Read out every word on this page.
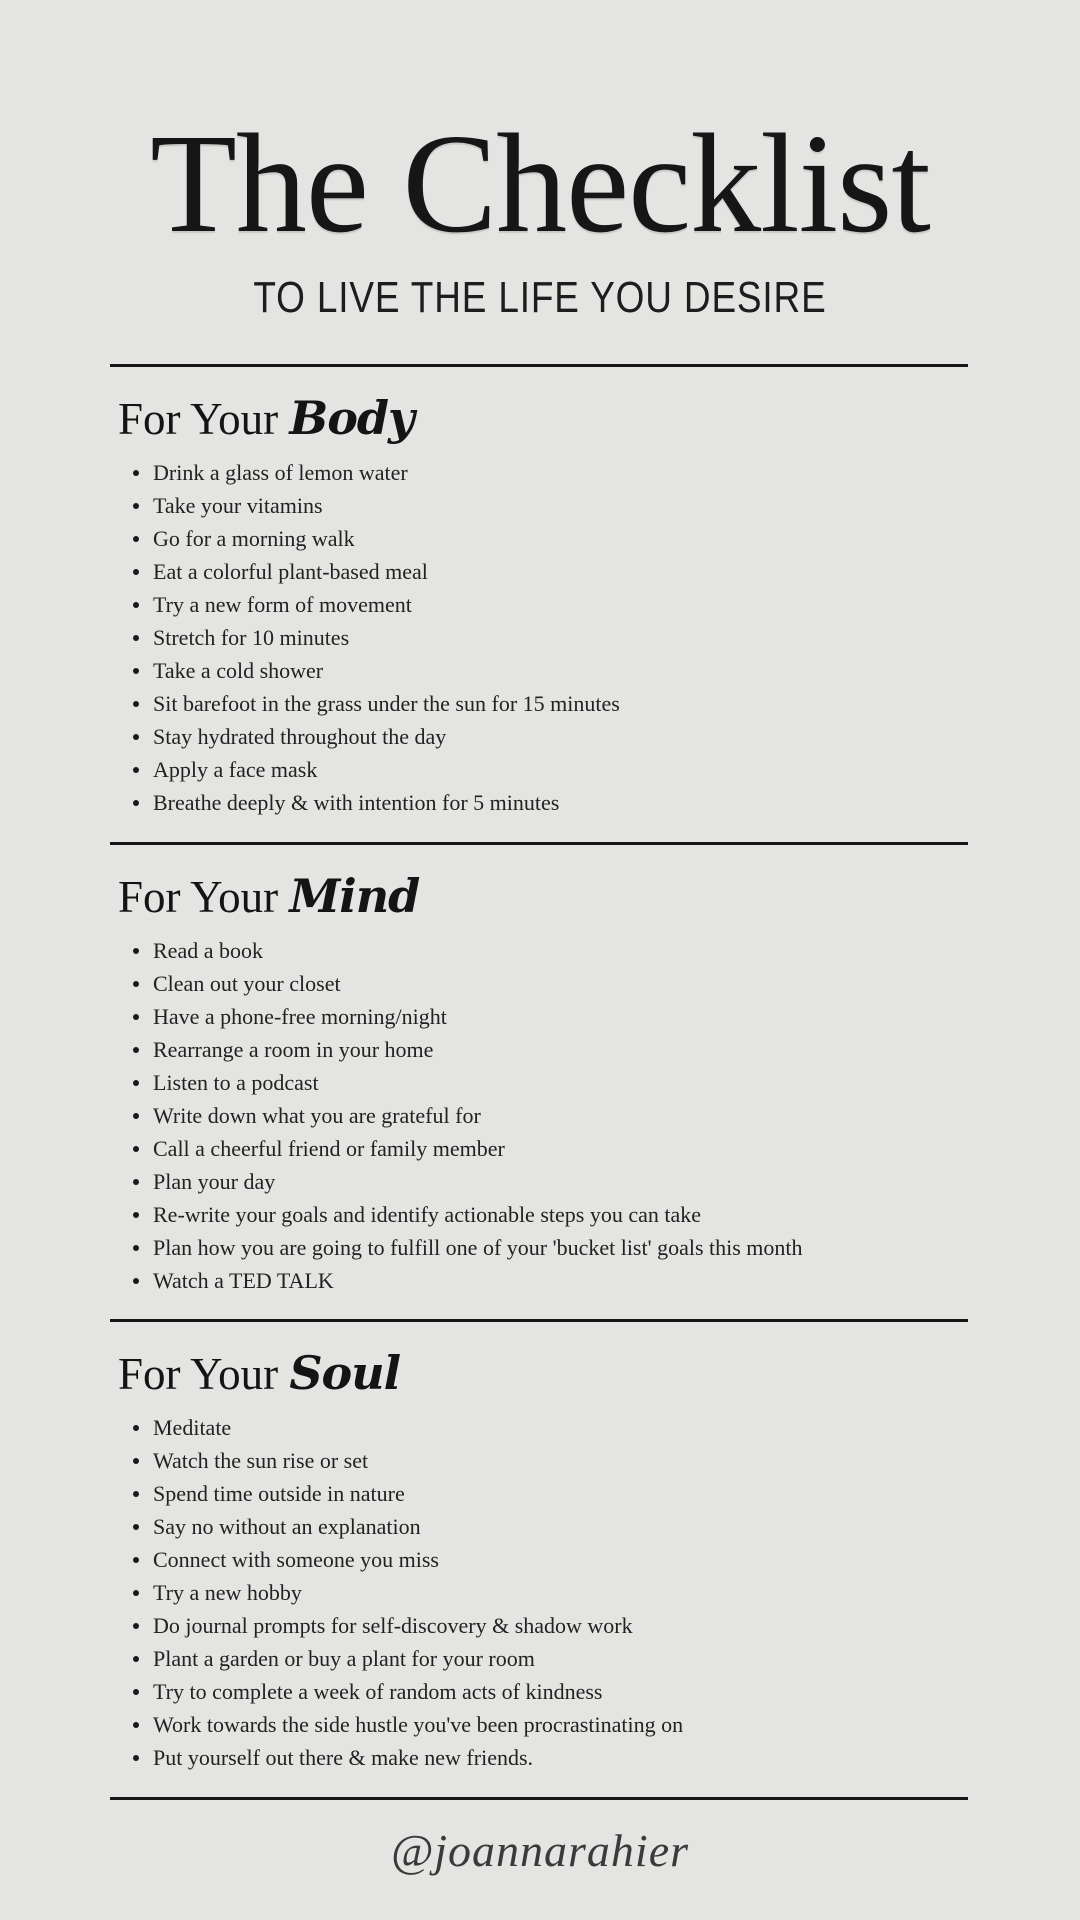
The Checklist
TO LIVE THE LIFE YOU DESIRE
For Your Body
Drink a glass of lemon water
Take your vitamins
Go for a morning walk
Eat a colorful plant-based meal
Try a new form of movement
Stretch for 10 minutes
Take a cold shower
Sit barefoot in the grass under the sun for 15 minutes
Stay hydrated throughout the day
Apply a face mask
Breathe deeply & with intention for 5 minutes
For Your Mind
Read a book
Clean out your closet
Have a phone-free morning/night
Rearrange a room in your home
Listen to a podcast
Write down what you are grateful for
Call a cheerful friend or family member
Plan your day
Re-write your goals and identify actionable steps you can take
Plan how you are going to fulfill one of your 'bucket list' goals this month
Watch a TED TALK
For Your Soul
Meditate
Watch the sun rise or set
Spend time outside in nature
Say no without an explanation
Connect with someone you miss
Try a new hobby
Do journal prompts for self-discovery & shadow work
Plant a garden or buy a plant for your room
Try to complete a week of random acts of kindness
Work towards the side hustle you've been procrastinating on
Put yourself out there & make new friends.
@joannarahier
